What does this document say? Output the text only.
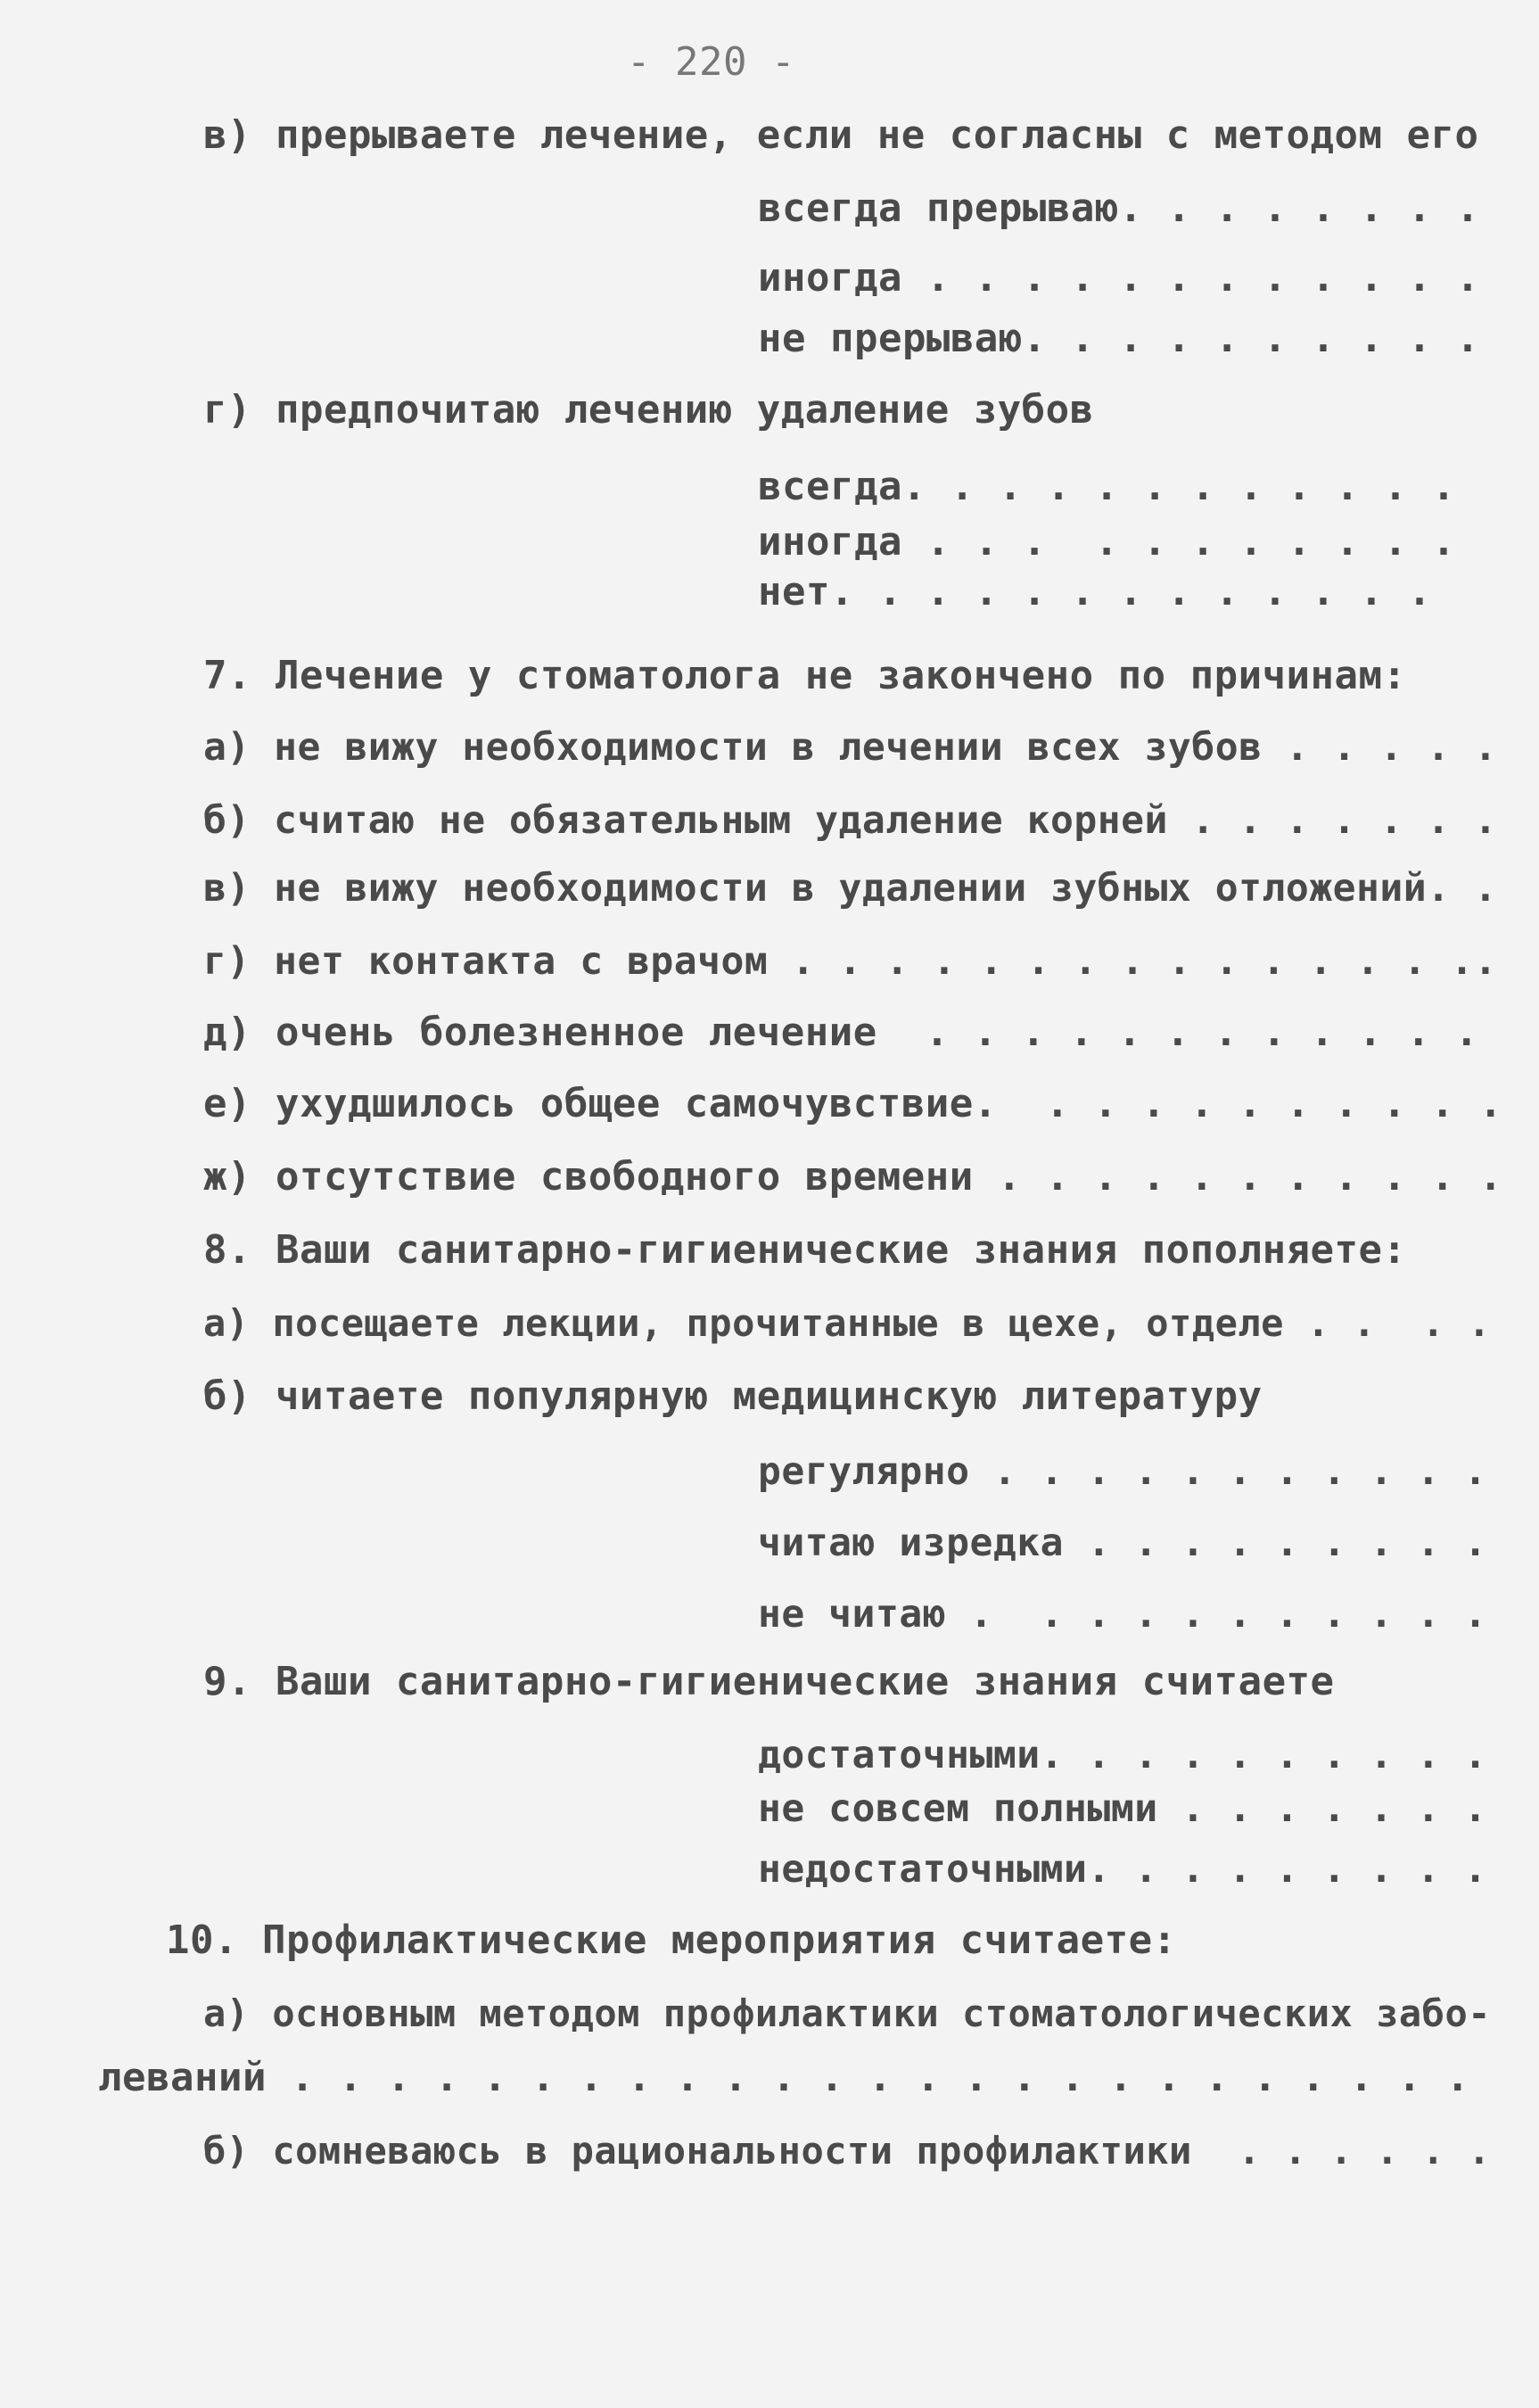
- 220 -
в) прерываете лечение, если не согласны с методом его
всегда прерываю. . . . . . . .
иногда . . . . . . . . . . . .
не прерываю. . . . . . . . . .
г) предпочитаю лечению удаление зубов
всегда. . . . . . . . . . . .
иногда . . .  . . . . . . . .
нет. . . . . . . . . . . . .
7. Лечение у стоматолога не закончено по причинам:
а) не вижу необходимости в лечении всех зубов . . . . .
б) считаю не обязательным удаление корней . . . . . . .
в) не вижу необходимости в удалении зубных отложений. .
г) нет контакта с врачом . . . . . . . . . . . . . . ..
д) очень болезненное лечение  . . . . . . . . . . . .
е) ухудшилось общее самочувствие.  . . . . . . . . . .
ж) отсутствие свободного времени . . . . . . . . . . .
8. Ваши санитарно-гигиенические знания пополняете:
а) посещаете лекции, прочитанные в цехе, отделе . .  . .
б) читаете популярную медицинскую литературу
регулярно . . . . . . . . . . .
читаю изредка . . . . . . . . .
не читаю .  . . . . . . . . . .
9. Ваши санитарно-гигиенические знания считаете
достаточными. . . . . . . . . .
не совсем полными . . . . . . .
недостаточными. . . . . . . . .
10. Профилактические мероприятия считаете:
а) основным методом профилактики стоматологических забо-
леваний . . . . . . . . . . . . . . . . . . . . . . . . .
б) сомневаюсь в рациональности профилактики  . . . . . .
